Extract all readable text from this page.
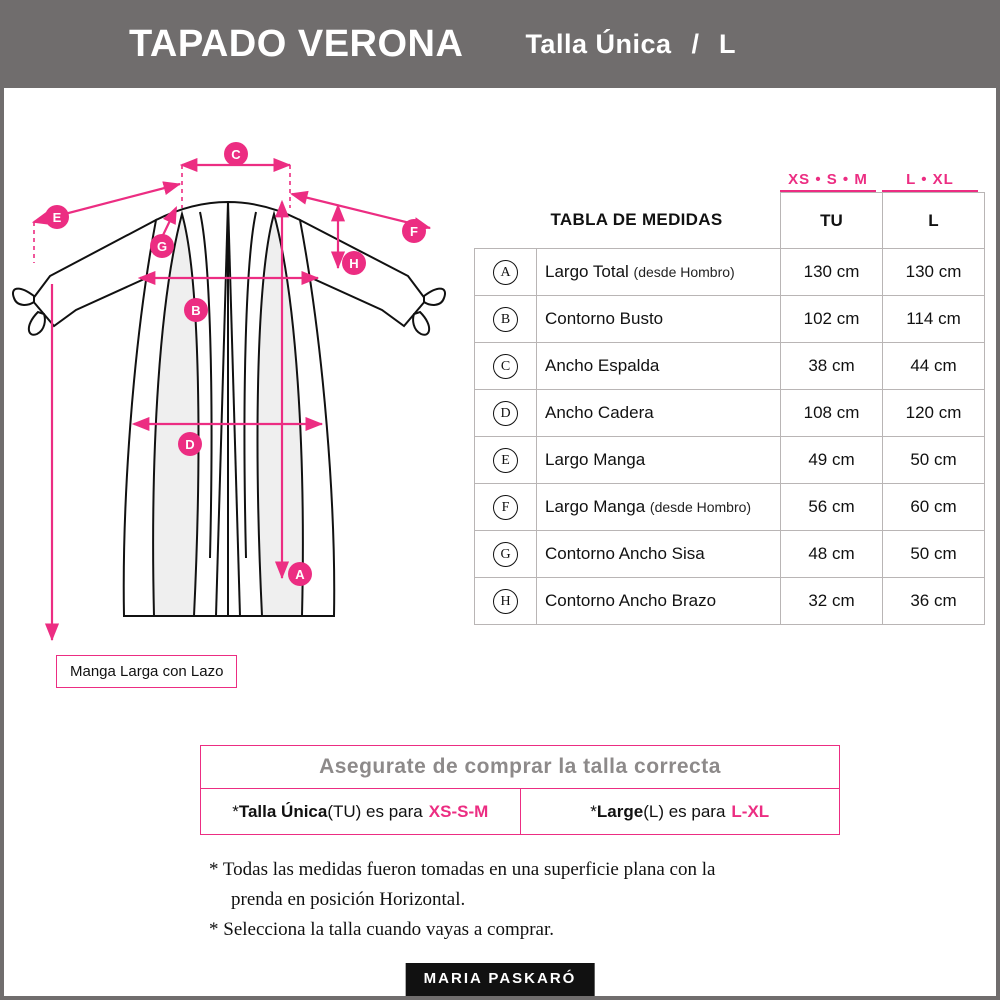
TAPADO VERONA Talla Única / L
C
E
F
G
H
B
D
A
Manga Larga con Lazo
XS • S • M	L • XL
	TABLA DE MEDIDAS	TU	L
A	Largo Total (desde Hombro)	130 cm	130 cm
B	Contorno Busto	102 cm	114 cm
C	Ancho Espalda	38 cm	44 cm
D	Ancho Cadera	108 cm	120 cm
E	Largo Manga	49 cm	50 cm
F	Largo Manga (desde Hombro)	56 cm	60 cm
G	Contorno Ancho Sisa	48 cm	50 cm
H	Contorno Ancho Brazo	32 cm	36 cm
Asegurate de comprar la talla correcta
* Talla Única (TU) es para XS-S-M	* Large (L) es para L-XL
* Todas las medidas fueron tomadas en una superficie plana con la
prenda en posición Horizontal.
* Selecciona la talla cuando vayas a comprar.
MARIA PASKARÓ
